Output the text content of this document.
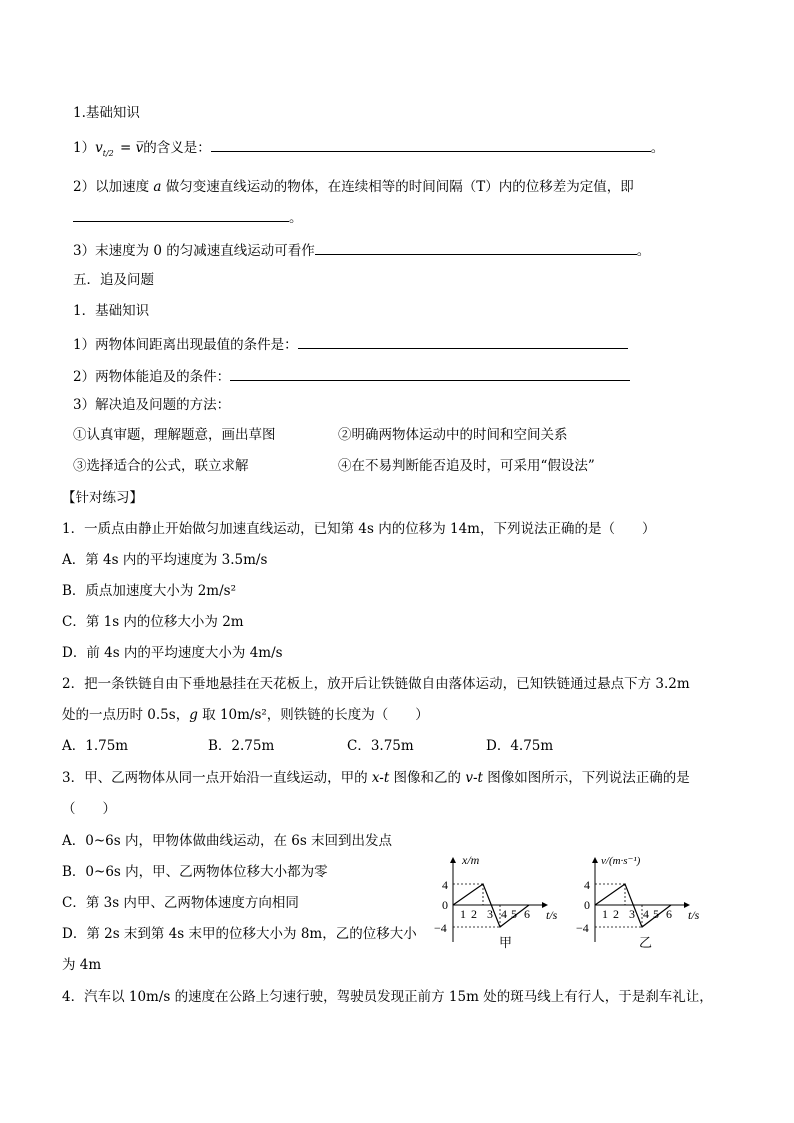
1.基础知识
1）vt/2 = v̅的含义是：	。
2）以加速度 a 做匀变速直线运动的物体，在连续相等的时间间隔（T）内的位移差为定值，即
。
3）末速度为 0 的匀减速直线运动可看作	。
五．追及问题
1．基础知识
1）两物体间距离出现最值的条件是：
2）两物体能追及的条件：
3）解决追及问题的方法：
①认真审题，理解题意，画出草图	②明确两物体运动中的时间和空间关系
③选择适合的公式，联立求解	④在不易判断能否追及时，可采用“假设法”
【针对练习】
1．一质点由静止开始做匀加速直线运动，已知第 4s 内的位移为 14m，下列说法正确的是（　　）
A．第 4s 内的平均速度为 3.5m/s
B．质点加速度大小为 2m/s²
C．第 1s 内的位移大小为 2m
D．前 4s 内的平均速度大小为 4m/s
2．把一条铁链自由下垂地悬挂在天花板上，放开后让铁链做自由落体运动，已知铁链通过悬点下方 3.2m
处的一点历时 0.5s，g 取 10m/s²，则铁链的长度为（　　）
A．1.75m	B．2.75m	C．3.75m	D．4.75m
3．甲、乙两物体从同一点开始沿一直线运动，甲的 x-t 图像和乙的 v-t 图像如图所示，下列说法正确的是
（　　）
A．0~6s 内，甲物体做曲线运动，在 6s 末回到出发点
B．0~6s 内，甲、乙两物体位移大小都为零
C．第 3s 内甲、乙两物体速度方向相同
D．第 2s 末到第 4s 末甲的位移大小为 8m，乙的位移大小
为 4m
4．汽车以 10m/s 的速度在公路上匀速行驶，驾驶员发现正前方 15m 处的斑马线上有行人，于是刹车礼让，
x/m
t/s
4
0
−4
1 2 3 4 5 6
甲
v/(m·s⁻¹)
t/s
4
0
−4
1 2 3 4 5 6
乙
